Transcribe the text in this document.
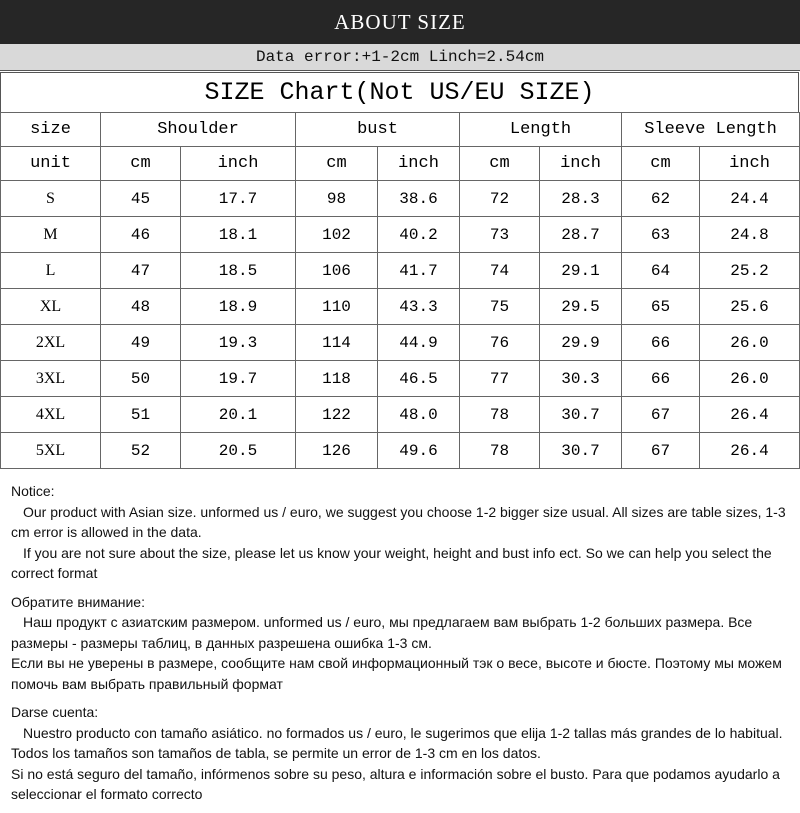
ABOUT SIZE
Data error:+1-2cm Linch=2.54cm
SIZE Chart(Not US/EU SIZE)
size	Shoulder		bust		Length		Sleeve Length	
unit	cm	inch	cm	inch	cm	inch	cm	inch
S	45	17.7	98	38.6	72	28.3	62	24.4
M	46	18.1	102	40.2	73	28.7	63	24.8
L	47	18.5	106	41.7	74	29.1	64	25.2
XL	48	18.9	110	43.3	75	29.5	65	25.6
2XL	49	19.3	114	44.9	76	29.9	66	26.0
3XL	50	19.7	118	46.5	77	30.3	66	26.0
4XL	51	20.1	122	48.0	78	30.7	67	26.4
5XL	52	20.5	126	49.6	78	30.7	67	26.4

Notice:

Our product with Asian size. unformed us / euro, we suggest you choose 1-2 bigger size usual. All sizes are table sizes, 1-3 cm error is allowed in the data.

If you are not sure about the size, please let us know your weight, height and bust info ect. So we can help you select the correct format

Обратите внимание:

Наш продукт с азиатским размером. unformed us / euro, мы предлагаем вам выбрать 1-2 больших размера. Все размеры - размеры таблиц, в данных разрешена ошибка 1-3 см.

Если вы не уверены в размере, сообщите нам свой информационный тэк о весе, высоте и бюсте. Поэтому мы можем помочь вам выбрать правильный формат

Darse cuenta:

Nuestro producto con tamaño asiático. no formados us / euro, le sugerimos que elija 1-2 tallas más grandes de lo habitual. Todos los tamaños son tamaños de tabla, se permite un error de 1-3 cm en los datos.

Si no está seguro del tamaño, infórmenos sobre su peso, altura e información sobre el busto. Para que podamos ayudarlo a seleccionar el formato correcto
